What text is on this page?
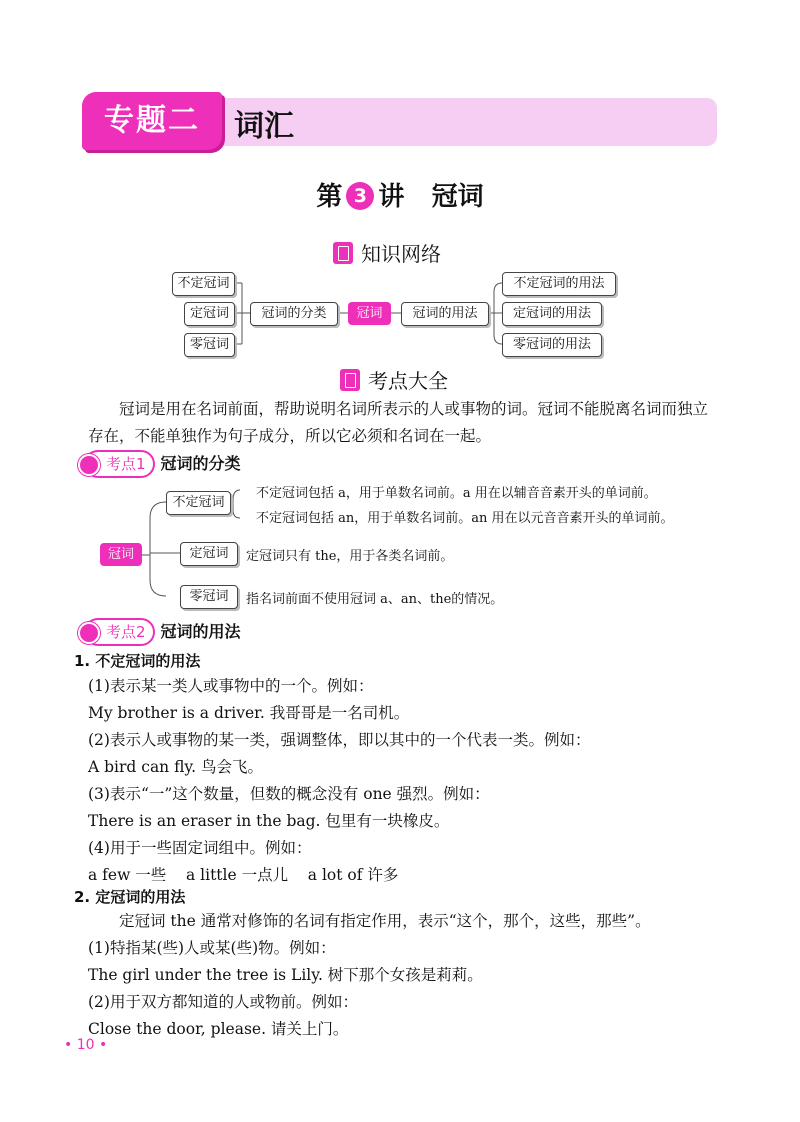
专题二	词汇
第 3 讲 冠词
知识网络
不定冠词
定冠词
零冠词
冠词的分类	冠词	冠词的用法
不定冠词的用法
定冠词的用法
零冠词的用法
考点大全
冠词是用在名词前面，帮助说明名词所表示的人或事物的词。冠词不能脱离名词而独立存在，不能单独作为句子成分，所以它必须和名词在一起。
考点1 冠词的分类
冠词
不定冠词
不定冠词包括 a，用于单数名词前。a 用在以辅音音素开头的单词前。
不定冠词包括 an，用于单数名词前。an 用在以元音音素开头的单词前。
定冠词	定冠词只有 the，用于各类名词前。
零冠词	指名词前面不使用冠词 a、an、the的情况。
考点2 冠词的用法
1. 不定冠词的用法
(1)表示某一类人或事物中的一个。例如：
My brother is a driver. 我哥哥是一名司机。
(2)表示人或事物的某一类，强调整体，即以其中的一个代表一类。例如：
A bird can fly. 鸟会飞。
(3)表示“一”这个数量，但数的概念没有 one 强烈。例如：
There is an eraser in the bag. 包里有一块橡皮。
(4)用于一些固定词组中。例如：
a few 一些    a little 一点儿    a lot of 许多
2. 定冠词的用法
定冠词 the 通常对修饰的名词有指定作用，表示“这个，那个，这些，那些”。
(1)特指某(些)人或某(些)物。例如：
The girl under the tree is Lily. 树下那个女孩是莉莉。
(2)用于双方都知道的人或物前。例如：
Close the door, please. 请关上门。
• 10 •
